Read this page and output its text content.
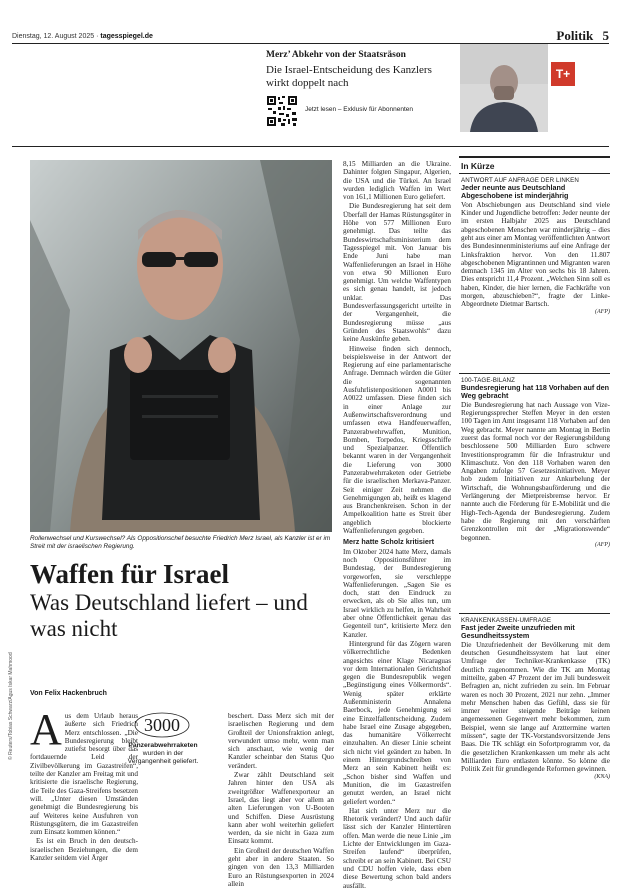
Dienstag, 12. August 2025 · tagesspiegel.de	Politik 5
Merz’ Abkehr von der Staatsräson
Die Israel-Entscheidung des Kanzlers wirkt doppelt nach
Jetzt lesen – Exklusiv für Abonnenten
T+
Rollenwechsel und Kurswechsel? Als Oppositionschef besuchte Friedrich Merz Israel, als Kanzler ist er im Streit mit der israelischen Regierung.
© Reuters/Tobias Schwarz/Agus Iskar Mahmood
Waffen für Israel
Was Deutschland liefert – und was nicht
Von Felix Hackenbruch

Aus dem Urlaub heraus äußerte sich Friedrich Merz entschlossen. „Die Bundesregierung bleibt zutiefst besorgt über das fortdauernde Leid der Zivilbevölkerung im Gazastreifen“, teilte der Kanzler am Freitag mit und kritisierte die israelische Regierung, die Teile des Gaza-Streifens besetzen will. „Unter diesen Umständen genehmigt die Bundesregierung bis auf Weiteres keine Ausfuhren von Rüstungsgütern, die im Gazastreifen zum Einsatz kommen können.“

Es ist ein Bruch in den deutsch-israelischen Beziehungen, die dem Kanzler seitdem viel Ärger

3000
Panzerabwehrraketen
wurden in der Vergangenheit geliefert.

beschert. Dass Merz sich mit der israelischen Regierung und dem Großteil der Unionsfraktion anlegt, verwundert umso mehr, wenn man sich anschaut, wie wenig der Kanzler scheinbar den Status Quo verändert.

Zwar zählt Deutschland seit Jahren hinter den USA als zweitgrößter Waffenexporteur an Israel, das liegt aber vor allem an alten Lieferungen von U-Booten und Schiffen. Diese Ausrüstung kann aber wohl weiterhin geliefert werden, da sie nicht in Gaza zum Einsatz kommt.

Ein Großteil der deutschen Waffen geht aber in andere Staaten. So gingen von den 13,3 Milliarden Euro an Rüstungsexporten in 2024 allein

8,15 Milliarden an die Ukraine. Dahinter folgten Singapur, Algerien, die USA und die Türkei. An Israel wurden lediglich Waffen im Wert von 161,1 Millionen Euro geliefert.

Die Bundesregierung hat seit dem Überfall der Hamas Rüstungsgüter in Höhe von 577 Millionen Euro genehmigt. Das teilte das Bundeswirtschaftsministerium dem Tagesspiegel mit. Von Januar bis Ende Juni habe man Waffenlieferungen an Israel in Höhe von etwa 90 Millionen Euro genehmigt. Um welche Waffentypen es sich genau handelt, ist jedoch unklar. Das Bundesverfassungsgericht urteilte in der Vergangenheit, die Bundesregierung müsse „aus Gründen des Staatswohls“ dazu keine Auskünfte geben.

Hinweise finden sich dennoch, beispielsweise in der Antwort der Regierung auf eine parlamentarische Anfrage. Demnach würden die Güter die sogenannten Ausfuhrlistenpositionen A0001 bis A0022 umfassen. Diese finden sich in einer Anlage zur Außenwirtschaftsverordnung und umfassen etwa Handfeuerwaffen, Panzerabwehrwaffen, Munition, Bomben, Torpedos, Kriegsschiffe und Spezialpanzer. Öffentlich bekannt waren in der Vergangenheit die Lieferung von 3000 Panzerabwehrraketen oder Getriebe für die israelischen Merkava-Panzer. Seit einiger Zeit nehmen die Genehmigungen ab, heißt es klagend aus Branchenkreisen. Schon in der Ampelkoalition hatte es Streit über angeblich blockierte Waffenlieferungen gegeben.

Merz hatte Scholz kritisiert

Im Oktober 2024 hatte Merz, damals noch Oppositionsführer im Bundestag, der Bundesregierung vorgeworfen, sie verschleppe Waffenlieferungen. „Sagen Sie es doch, statt den Eindruck zu erwecken, als ob Sie alles tun, um Israel wirklich zu helfen, in Wahrheit aber ohne Öffentlichkeit genau das Gegenteil tun“, kritisierte Merz den Kanzler.

Hintergrund für das Zögern waren völkerrechtliche Bedenken angesichts einer Klage Nicaraguas vor dem Internationalen Gerichtshof gegen die Bundesrepublik wegen „Begünstigung eines Völkermords“. Wenig später erklärte Außenministerin Annalena Baerbock, jede Genehmigung sei eine Einzelfallentscheidung. Zudem habe Israel eine Zusage abgegeben, das humanitäre Völkerrecht einzuhalten. An dieser Linie scheint sich nicht viel geändert zu haben. In einem Hintergrundschreiben von Merz an sein Kabinett heißt es: „Schon bisher sind Waffen und Munition, die im Gazastreifen genutzt werden, an Israel nicht geliefert worden.“

Hat sich unter Merz nur die Rhetorik verändert? Und auch dafür lässt sich der Kanzler Hintertüren offen. Man werde die neue Linie „im Lichte der Entwicklungen im Gaza-Streifen laufend“ überprüfen, schreibt er an sein Kabinett. Bei CSU und CDU hoffen viele, dass eben diese Bewertung schon bald anders ausfällt.

In Kürze
ANTWORT AUF ANFRAGE DER LINKEN
Jeder neunte aus Deutschland Abgeschobene ist minderjährig
Von Abschiebungen aus Deutschland sind viele Kinder und Jugendliche betroffen: Jeder neunte der im ersten Halbjahr 2025 aus Deutschland abgeschobenen Menschen war minderjährig – dies geht aus einer am Montag veröffentlichten Antwort des Bundesinnenministeriums auf eine Anfrage der Linksfraktion hervor. Von den 11.807 abgeschobenen Migrantinnen und Migranten waren demnach 1345 im Alter von sechs bis 18 Jahren. Dies entspricht 11,4 Prozent. „Welchen Sinn soll es haben, Kinder, die hier lernen, die Fachkräfte von morgen, abzuschieben?“, fragte der Linke-Abgeordnete Dietmar Bartsch.
(AFP)
100-TAGE-BILANZ
Bundesregierung hat 118 Vorhaben auf den Weg gebracht
Die Bundesregierung hat nach Aussage von Vize-Regierungssprecher Steffen Meyer in den ersten 100 Tagen im Amt insgesamt 118 Vorhaben auf den Weg gebracht. Meyer nannte am Montag in Berlin zuerst das formal noch vor der Regierungsbildung beschlossene 500 Milliarden Euro schwere Investitionsprogramm für die Infrastruktur und Klimaschutz. Von den 118 Vorhaben waren den Angaben zufolge 57 Gesetzesinitiativen. Meyer hob zudem Initiativen zur Ankurbelung der Wirtschaft, die Wohnungsbauförderung und die Verlängerung der Mietpreisbremse hervor. Er nannte auch die Förderung für E-Mobilität und die High-Tech-Agenda der Bundesregierung. Zudem habe die Regierung mit den verschärften Grenzkontrollen mit der „Migrationswende“ begonnen.
(AFP)
KRANKENKASSEN-UMFRAGE
Fast jeder Zweite unzufrieden mit Gesundheitssystem
Die Unzufriedenheit der Bevölkerung mit dem deutschen Gesundheitssystem hat laut einer Umfrage der Techniker-Krankenkasse (TK) deutlich zugenommen. Wie die TK am Montag mitteilte, gaben 47 Prozent der im Juli bundesweit Befragten an, nicht zufrieden zu sein. Im Februar waren es noch 30 Prozent, 2021 nur zehn. „Immer mehr Menschen haben das Gefühl, dass sie für immer weiter steigende Beiträge keinen angemessenen Gegenwert mehr bekommen, zum Beispiel, wenn sie lange auf Arzttermine warten müssen“, sagte der TK-Vorstandsvorsitzende Jens Baas. Die TK schlägt ein Sofortprogramm vor, da die gesetzlichen Krankenkassen um mehr als acht Milliarden Euro entlasten könnte. So könne die Politik Zeit für grundlegende Reformen gewinnen.
(KNA)
